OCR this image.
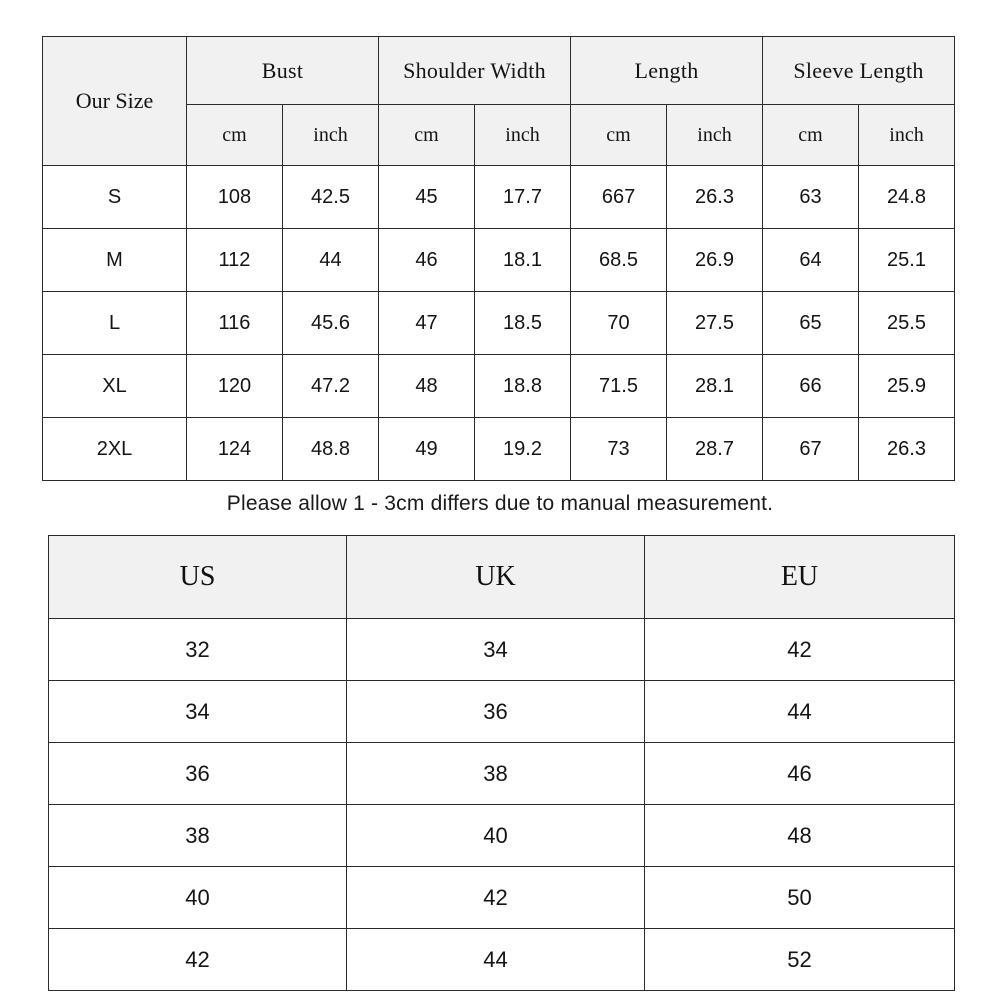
Our Size	Bust		Shoulder Width		Length		Sleeve Length	
	cm	inch	cm	inch	cm	inch	cm	inch
S	108	42.5	45	17.7	667	26.3	63	24.8
M	112	44	46	18.1	68.5	26.9	64	25.1
L	116	45.6	47	18.5	70	27.5	65	25.5
XL	120	47.2	48	18.8	71.5	28.1	66	25.9
2XL	124	48.8	49	19.2	73	28.7	67	26.3
Please allow 1 - 3cm differs due to manual measurement.
US	UK	EU
32	34	42
34	36	44
36	38	46
38	40	48
40	42	50
42	44	52
